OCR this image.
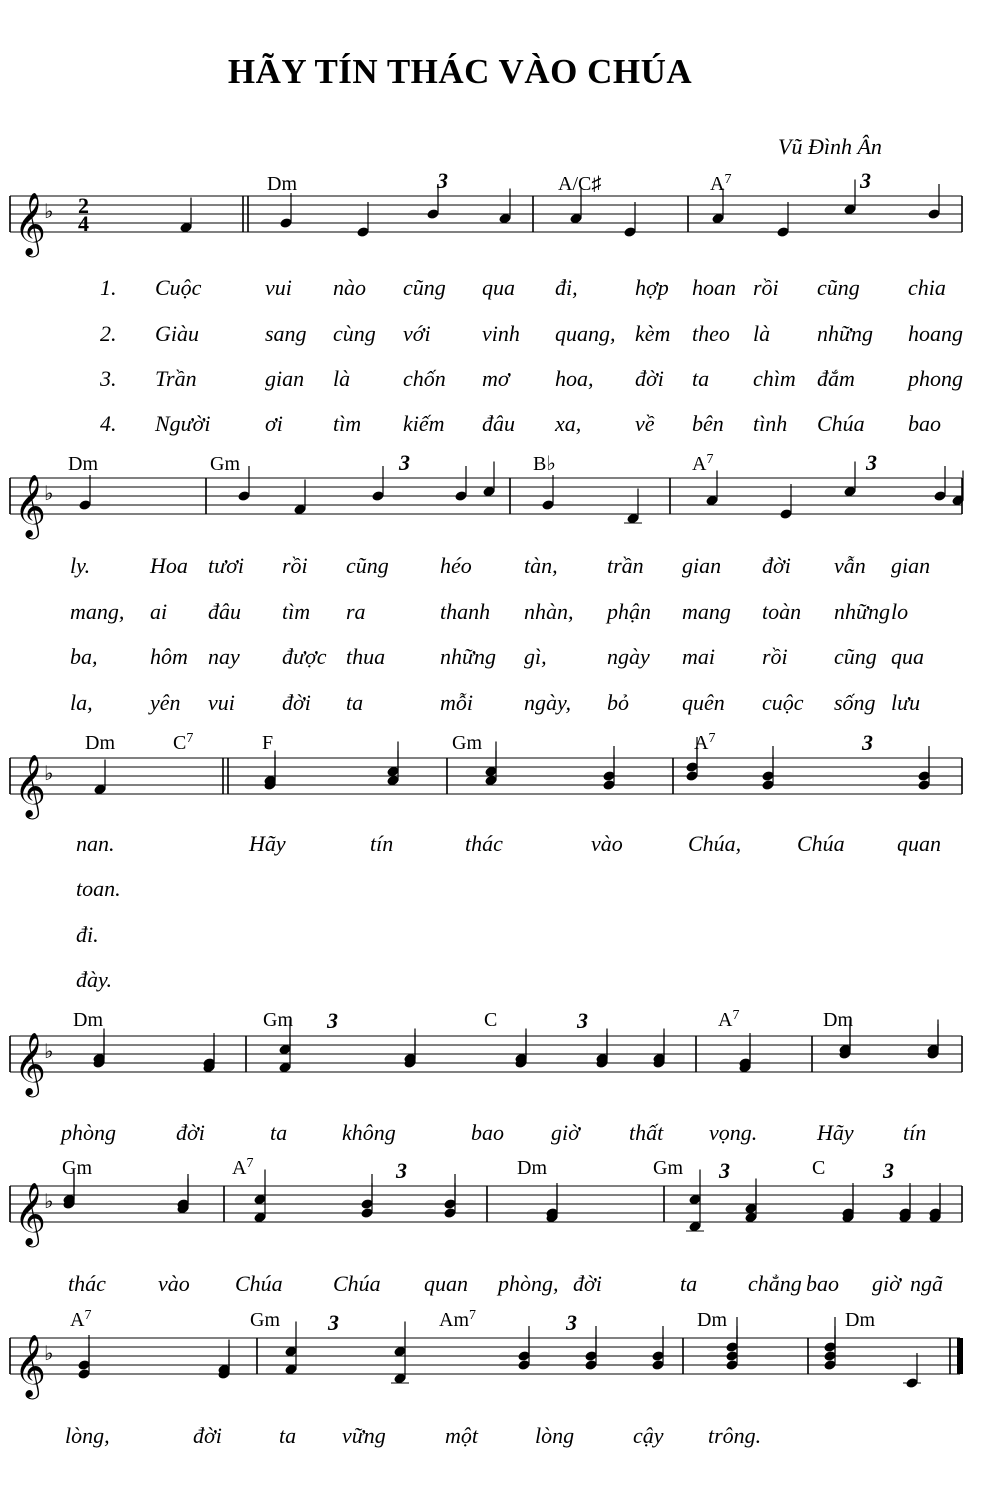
HÃY TÍN THÁC VÀO CHÚA
Vũ Đình Ân
𝄞
♭ 2
4
Dm	A/C♯	$A^7$
3	3
1. Cuộc	vui nào cũng qua đi,	hợp hoan rồi cũng chia
2. Giàu	sang cùng với vinh quang, kèm theo là những hoang
3. Trần	gian là chốn mơ hoa, đời ta chìm đắm phong
4. Người ơi tìm kiếm đâu xa, về bên tình Chúa bao
𝄞
♭
Dm	Gm	B♭	$A^7$
3	3
ly.	Hoa tươi rồi cũng héo tàn, trần gian đời vẫn gian
mang, ai đâu tìm ra	thanh nhàn, phận mang toàn những lo
ba, hôm nay được thua những gì,	ngày mai rồi cũng qua
la,	yên vui đời ta	mỗi ngày, bỏ quên cuộc sống lưu
𝄞
♭
Dm	$C^7$	F	Gm	$A^7$	3
nan.	Hãy	tín	thác	vào	Chúa,	Chúa quan
toan.
đi.
đày.
𝄞
♭
Dm	Gm	C	$A^7$	Dm
3	3
phòng	đời	ta không	bao giờ thất vọng.	Hãy tín
𝄞
♭
Gm	$A^7$	Dm	Gm	C
3	3	3
thác vào Chúa Chúa quan phòng, đời	ta chẳng bao giờ ngã
𝄞
♭
$A^7$	Gm	Am$^7$	Dm	Dm
3	3
lòng,	đời	ta vững	một	lòng	cậy trông.
